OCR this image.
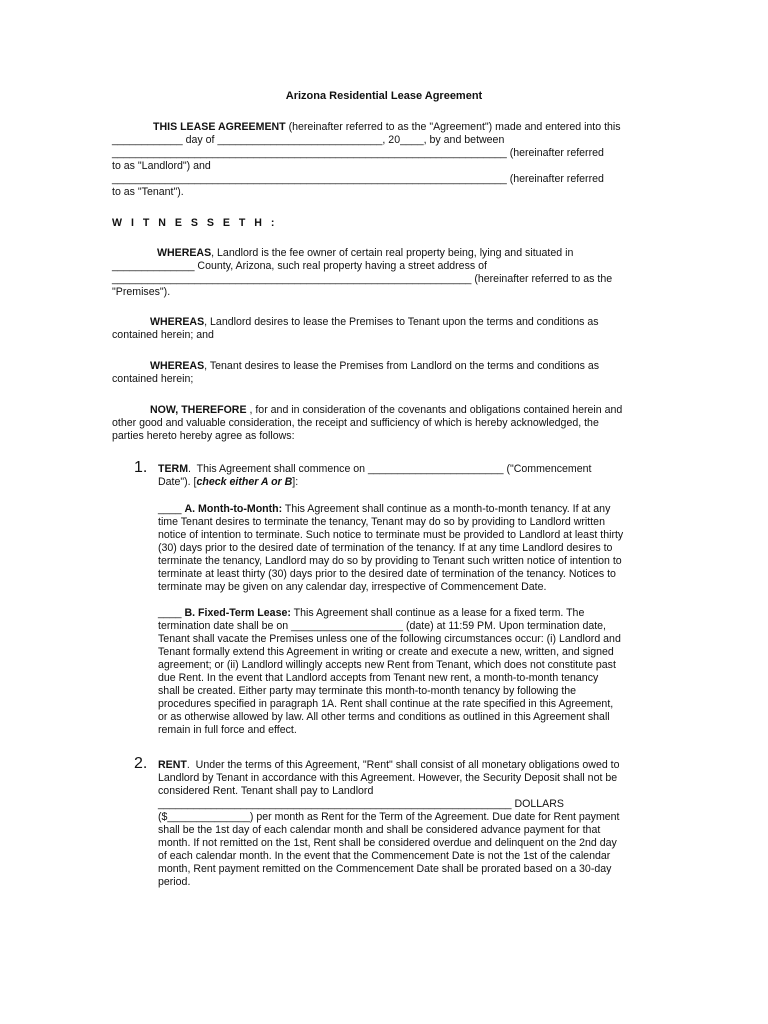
Arizona Residential Lease Agreement
THIS LEASE AGREEMENT (hereinafter referred to as the "Agreement") made and entered into this
____________ day of ____________________________, 20____, by and between
___________________________________________________________________ (hereinafter referred
to as "Landlord") and
___________________________________________________________________ (hereinafter referred
to as "Tenant").
W I T N E S S E T H :
WHEREAS, Landlord is the fee owner of certain real property being, lying and situated in
______________ County, Arizona, such real property having a street address of
_____________________________________________________________ (hereinafter referred to as the
"Premises").
WHEREAS, Landlord desires to lease the Premises to Tenant upon the terms and conditions as
contained herein; and
WHEREAS, Tenant desires to lease the Premises from Landlord on the terms and conditions as
contained herein;
NOW, THEREFORE , for and in consideration of the covenants and obligations contained herein and
other good and valuable consideration, the receipt and sufficiency of which is hereby acknowledged, the
parties hereto hereby agree as follows:
1. TERM.  This Agreement shall commence on _______________________ ("Commencement
Date"). [check either A or B]:
____ A. Month-to-Month: This Agreement shall continue as a month-to-month tenancy. If at any
time Tenant desires to terminate the tenancy, Tenant may do so by providing to Landlord written
notice of intention to terminate. Such notice to terminate must be provided to Landlord at least thirty
(30) days prior to the desired date of termination of the tenancy. If at any time Landlord desires to
terminate the tenancy, Landlord may do so by providing to Tenant such written notice of intention to
terminate at least thirty (30) days prior to the desired date of termination of the tenancy. Notices to
terminate may be given on any calendar day, irrespective of Commencement Date.
____ B. Fixed-Term Lease: This Agreement shall continue as a lease for a fixed term. The
termination date shall be on ___________________ (date) at 11:59 PM. Upon termination date,
Tenant shall vacate the Premises unless one of the following circumstances occur: (i) Landlord and
Tenant formally extend this Agreement in writing or create and execute a new, written, and signed
agreement; or (ii) Landlord willingly accepts new Rent from Tenant, which does not constitute past
due Rent. In the event that Landlord accepts from Tenant new rent, a month-to-month tenancy
shall be created. Either party may terminate this month-to-month tenancy by following the
procedures specified in paragraph 1A. Rent shall continue at the rate specified in this Agreement,
or as otherwise allowed by law. All other terms and conditions as outlined in this Agreement shall
remain in full force and effect.
2. RENT.  Under the terms of this Agreement, "Rent" shall consist of all monetary obligations owed to
Landlord by Tenant in accordance with this Agreement. However, the Security Deposit shall not be
considered Rent. Tenant shall pay to Landlord
____________________________________________________________ DOLLARS
($______________) per month as Rent for the Term of the Agreement. Due date for Rent payment
shall be the 1st day of each calendar month and shall be considered advance payment for that
month. If not remitted on the 1st, Rent shall be considered overdue and delinquent on the 2nd day
of each calendar month. In the event that the Commencement Date is not the 1st of the calendar
month, Rent payment remitted on the Commencement Date shall be prorated based on a 30-day
period.
